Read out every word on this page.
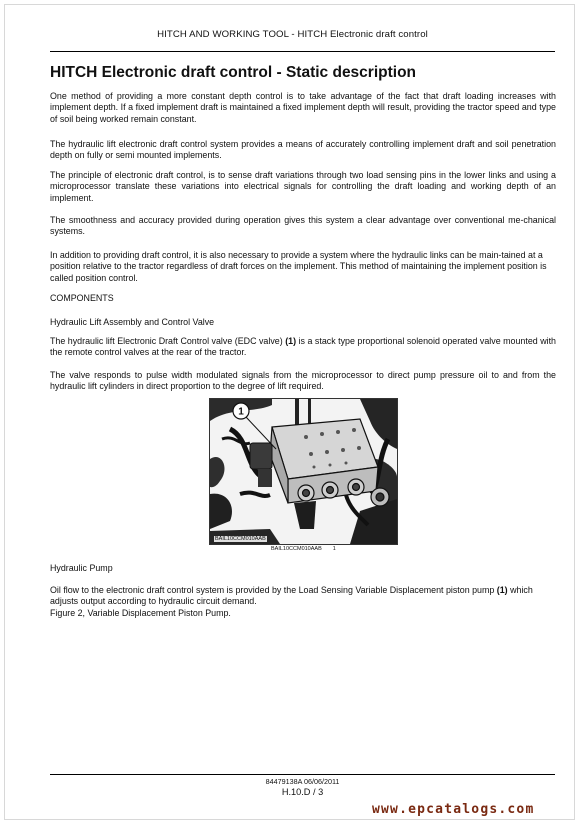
HITCH AND WORKING TOOL - HITCH Electronic draft control
HITCH Electronic draft control - Static description

One method of providing a more constant depth control is to take advantage of the fact that draft loading increases with implement depth. If a fixed implement draft is maintained a fixed implement depth will result, providing the tractor speed and type of soil being worked remain constant.

The hydraulic lift electronic draft control system provides a means of accurately controlling implement draft and soil penetration depth on fully or semi mounted implements.

The principle of electronic draft control, is to sense draft variations through two load sensing pins in the lower links and using a microprocessor translate these variations into electrical signals for controlling the draft loading and working depth of an implement.

The smoothness and accuracy provided during operation gives this system a clear advantage over conventional me-chanical systems.

In addition to providing draft control, it is also necessary to provide a system where the hydraulic links can be main-tained at a position relative to the tractor regardless of draft forces on the implement. This method of maintaining the implement position is called position control.

COMPONENTS

Hydraulic Lift Assembly and Control Valve

The hydraulic lift Electronic Draft Control valve (EDC valve) (1) is a stack type proportional solenoid operated valve mounted with the remote control valves at the rear of the tractor.

The valve responds to pulse width modulated signals from the microprocessor to direct pump pressure oil to and from the hydraulic lift cylinders in direct proportion to the degree of lift required.

1
BAIL10CCM010AAB
BAIL10CCM010AAB 1

Hydraulic Pump

Oil flow to the electronic draft control system is provided by the Load Sensing Variable Displacement piston pump (1) which adjusts output according to hydraulic circuit demand.

Figure 2, Variable Displacement Piston Pump.

84479138A 06/06/2011
H.10.D / 3
www.epcatalogs.com
